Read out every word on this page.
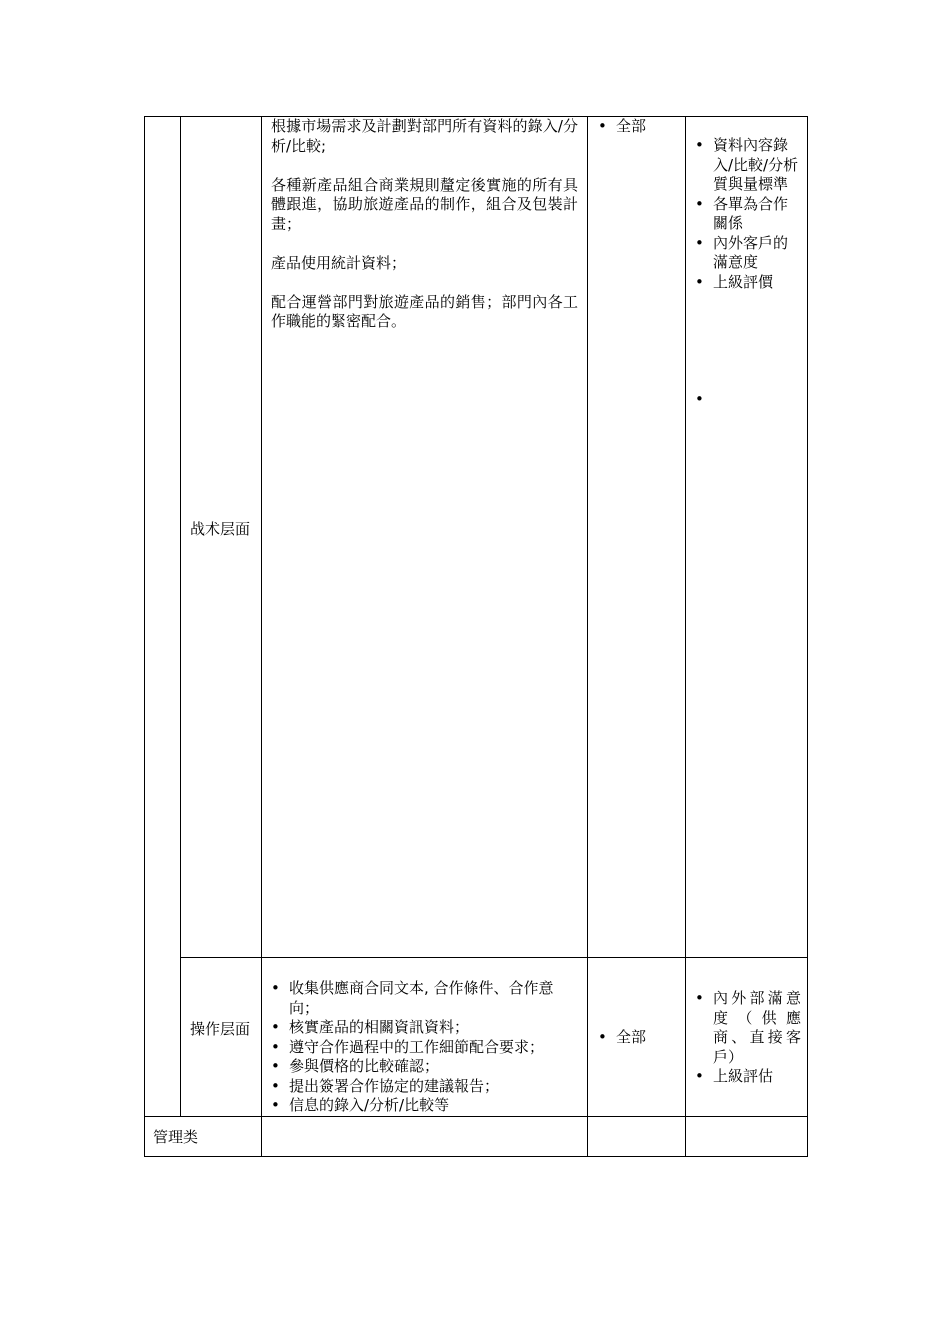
战术层面

根據市場需求及計劃對部門所有資料的錄入/分析/比較;

各種新產品組合商業規則釐定後實施的所有具體跟進，協助旅遊產品的制作，組合及包裝計畫；

產品使用統計資料；

配合運營部門對旅遊產品的銷售；部門內各工作職能的緊密配合。

• 全部
• 資料內容錄入/比較/分析質與量標準
• 各單為合作關係
• 內外客戶的滿意度
• 上級評價
•
操作层面
• 收集供應商合同文本, 合作條件、合作意向；
• 核實產品的相關資訊資料；
• 遵守合作過程中的工作細節配合要求；
• 參與價格的比較確認；
• 提出簽署合作協定的建議報告；
• 信息的錄入/分析/比較等
• 全部
• 內外部滿意度（供應商、直接客戶）
• 上級評估
管理类
